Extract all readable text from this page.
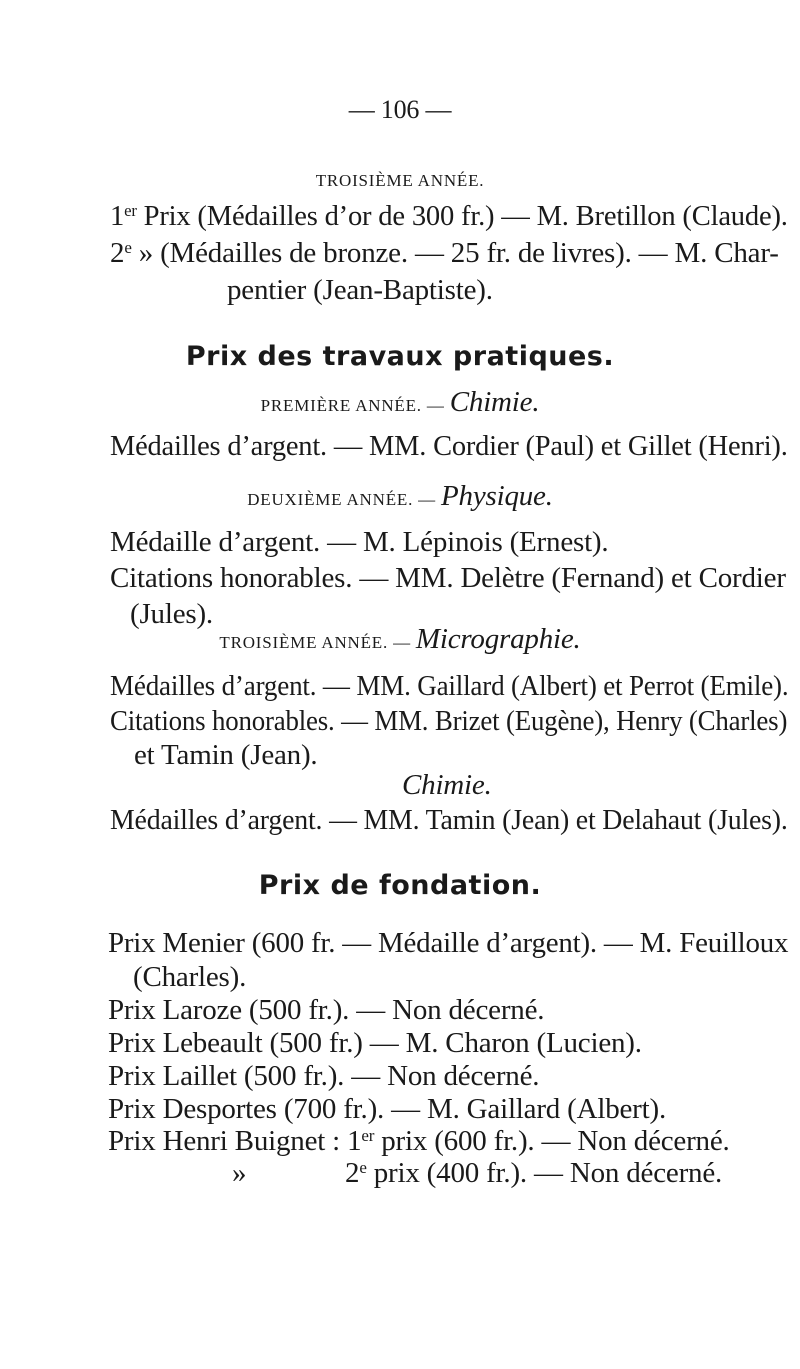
— 106 —
TROISIÈME ANNÉE.
1er Prix (Médailles d’or de 300 fr.) — M. Bretillon (Claude).
2e » (Médailles de bronze. — 25 fr. de livres). — M. Char-
pentier (Jean-Baptiste).
Prix des travaux pratiques.
PREMIÈRE ANNÉE. — Chimie.
Médailles d’argent. — MM. Cordier (Paul) et Gillet (Henri).
DEUXIÈME ANNÉE. — Physique.
Médaille d’argent. — M. Lépinois (Ernest).
Citations honorables. — MM. Delètre (Fernand) et Cordier
(Jules).
TROISIÈME ANNÉE. — Micrographie.
Médailles d’argent. — MM. Gaillard (Albert) et Perrot (Emile).
Citations honorables. — MM. Brizet (Eugène), Henry (Charles)
et Tamin (Jean).
Chimie.
Médailles d’argent. — MM. Tamin (Jean) et Delahaut (Jules).
Prix de fondation.
Prix Menier (600 fr. — Médaille d’argent). — M. Feuilloux
(Charles).
Prix Laroze (500 fr.). — Non décerné.
Prix Lebeault (500 fr.) — M. Charon (Lucien).
Prix Laillet (500 fr.). — Non décerné.
Prix Desportes (700 fr.). — M. Gaillard (Albert).
Prix Henri Buignet : 1er prix (600 fr.). — Non décerné.
»	2e prix (400 fr.). — Non décerné.
